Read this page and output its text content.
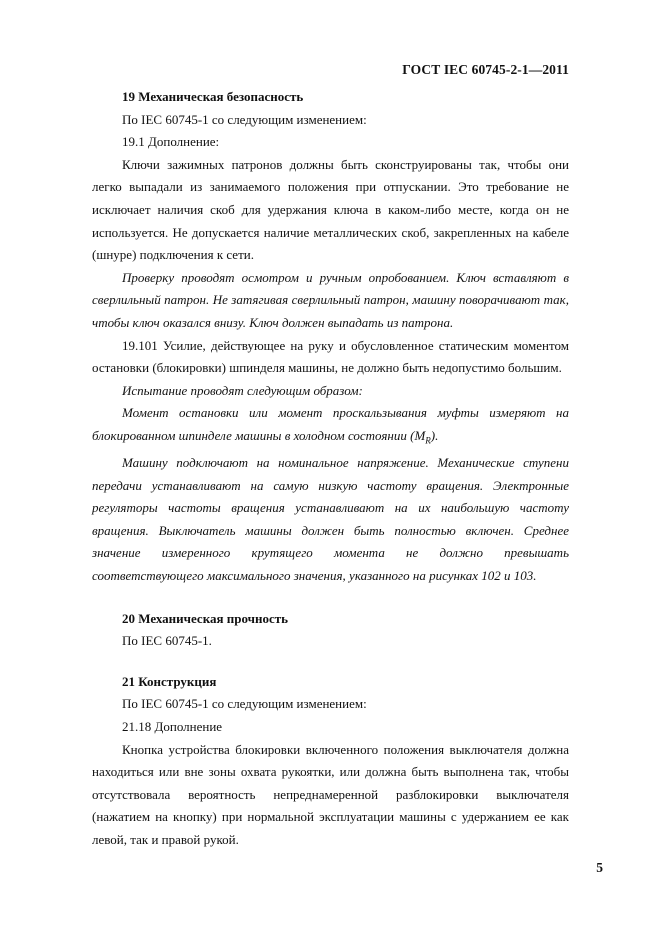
ГОСТ IEC 60745-2-1—2011

19 Механическая безопасность

По IEC 60745-1 со следующим изменением:

19.1 Дополнение:

Ключи зажимных патронов должны быть сконструированы так, чтобы они легко выпадали из занимаемого положения при отпускании. Это требование не исключает наличия скоб для удержания ключа в каком-либо месте, когда он не используется. Не допускается наличие металлических скоб, закрепленных на кабеле (шнуре) подключения к сети.

Проверку проводят осмотром и ручным опробованием. Ключ вставляют в сверлильный патрон. Не затягивая сверлильный патрон, машину поворачивают так, чтобы ключ оказался внизу. Ключ должен выпадать из патрона.

19.101 Усилие, действующее на руку и обусловленное статическим моментом остановки (блокировки) шпинделя машины, не должно быть недопустимо большим.

Испытание проводят следующим образом:

Момент остановки или момент проскальзывания муфты измеряют на блокированном шпинделе машины в холодном состоянии $(M_R)$.

Машину подключают на номинальное напряжение. Механические ступени передачи устанавливают на самую низкую частоту вращения. Электронные регуляторы частоты вращения устанавливают на их наибольшую частоту вращения. Выключатель машины должен быть полностью включен. Среднее значение измеренного крутящего момента не должно превышать соответствующего максимального значения, указанного на рисунках 102 и 103.

20 Механическая прочность

По IEC 60745-1.

21 Конструкция

По IEC 60745-1 со следующим изменением:

21.18 Дополнение

Кнопка устройства блокировки включенного положения выключателя должна находиться или вне зоны охвата рукоятки, или должна быть выполнена так, чтобы отсутствовала вероятность непреднамеренной разблокировки выключателя (нажатием на кнопку) при нормальной эксплуатации машины с удержанием ее как левой, так и правой рукой.

5
